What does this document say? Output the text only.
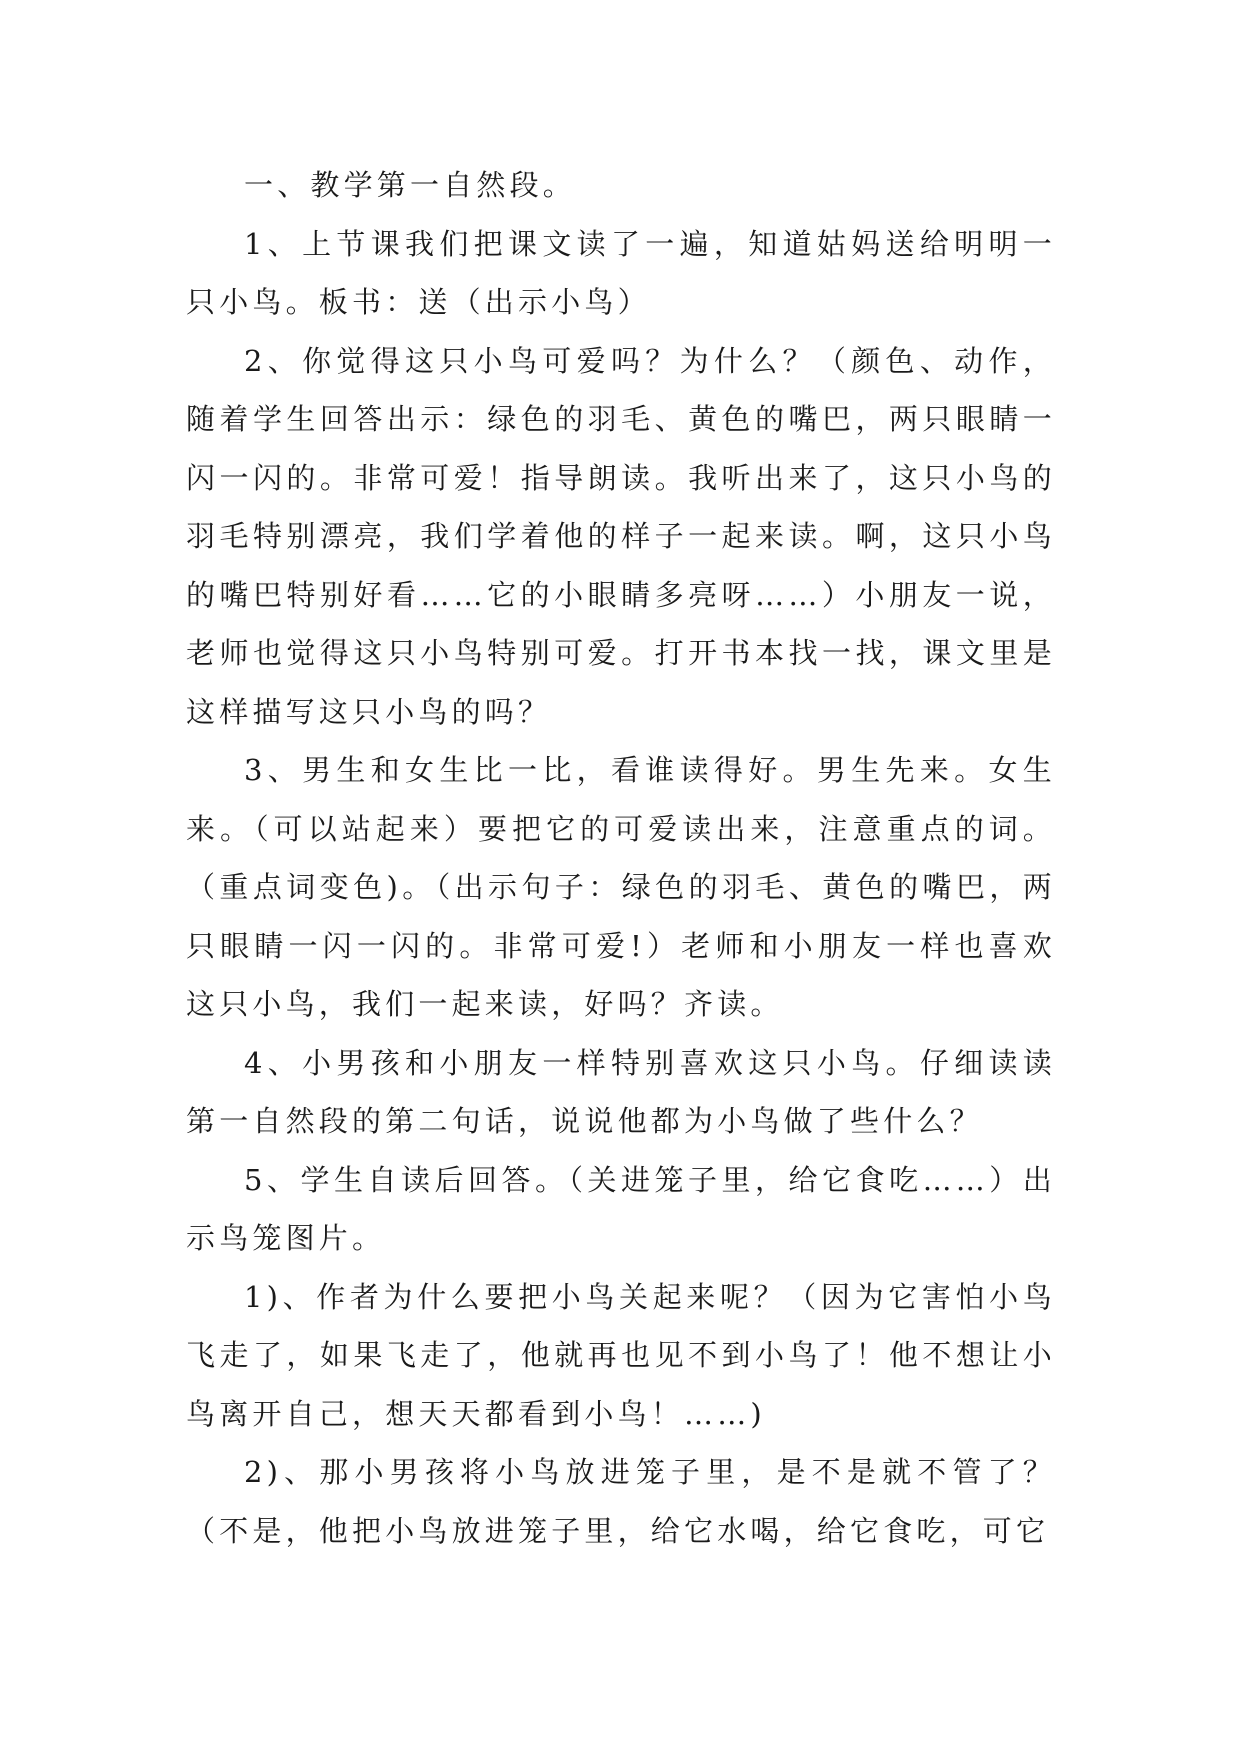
一、教学第一自然段。

1、上节课我们把课文读了一遍，知道姑妈送给明明一只小鸟。板书：送（出示小鸟）

2、你觉得这只小鸟可爱吗？为什么？（颜色、动作，随着学生回答出示：绿色的羽毛、黄色的嘴巴，两只眼睛一闪一闪的。非常可爱！指导朗读。我听出来了，这只小鸟的羽毛特别漂亮，我们学着他的样子一起来读。啊，这只小鸟的嘴巴特别好看……它的小眼睛多亮呀……）小朋友一说，老师也觉得这只小鸟特别可爱。打开书本找一找，课文里是这样描写这只小鸟的吗？

3、男生和女生比一比，看谁读得好。男生先来。女生来。（可以站起来）要把它的可爱读出来，注意重点的词。（重点词变色)。（出示句子：绿色的羽毛、黄色的嘴巴，两只眼睛一闪一闪的。非常可爱!）老师和小朋友一样也喜欢这只小鸟，我们一起来读，好吗？齐读。

4、小男孩和小朋友一样特别喜欢这只小鸟。仔细读读第一自然段的第二句话，说说他都为小鸟做了些什么？

5、学生自读后回答。（关进笼子里，给它食吃……）出示鸟笼图片。

1)、作者为什么要把小鸟关起来呢？（因为它害怕小鸟飞走了，如果飞走了，他就再也见不到小鸟了！他不想让小鸟离开自己，想天天都看到小鸟！……)

2)、那小男孩将小鸟放进笼子里，是不是就不管了？（不是，他把小鸟放进笼子里，给它水喝，给它食吃，可它
